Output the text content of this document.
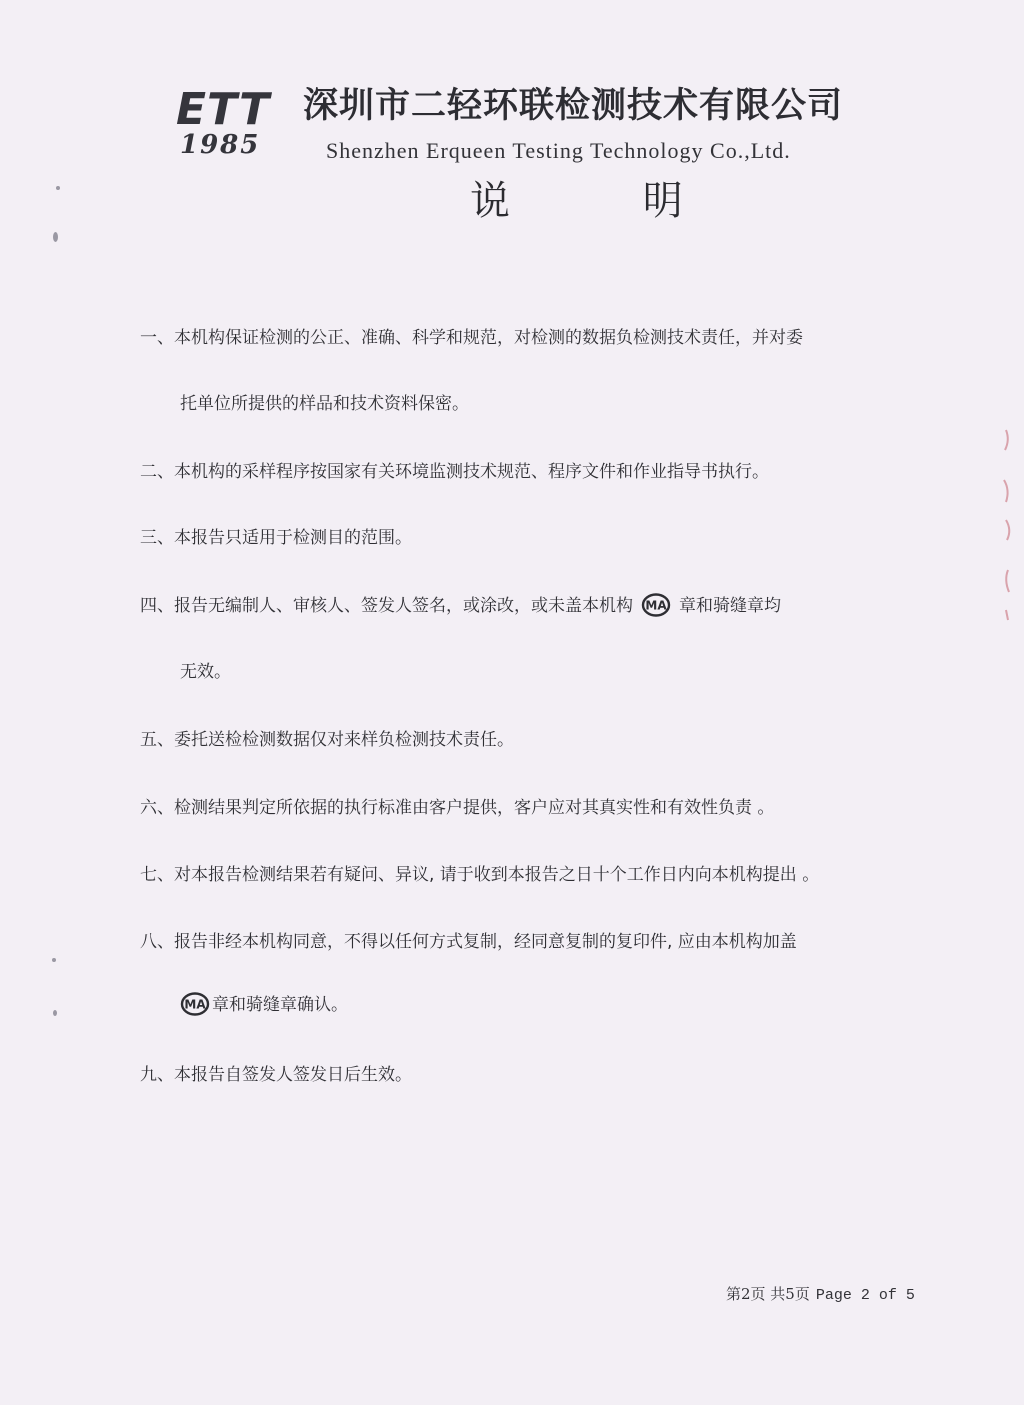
ETT
1985
深圳市二轻环联检测技术有限公司
Shenzhen Erqueen Testing Technology Co.,Ltd.
说 明
一、本机构保证检测的公正、准确、科学和规范，对检测的数据负检测技术责任，并对委
托单位所提供的样品和技术资料保密。
二、本机构的采样程序按国家有关环境监测技术规范、程序文件和作业指导书执行。
三、本报告只适用于检测目的范围。
四、报告无编制人、审核人、签发人签名，或涂改，或未盖本机构 MA 章和骑缝章均
无效。
五、委托送检检测数据仅对来样负检测技术责任。
六、检测结果判定所依据的执行标准由客户提供，客户应对其真实性和有效性负责 。
七、对本报告检测结果若有疑问、异议, 请于收到本报告之日十个工作日内向本机构提出 。
八、报告非经本机构同意，不得以任何方式复制，经同意复制的复印件, 应由本机构加盖
MA 章和骑缝章确认。
九、本报告自签发人签发日后生效。
第2页 共5页 Page 2 of 5
